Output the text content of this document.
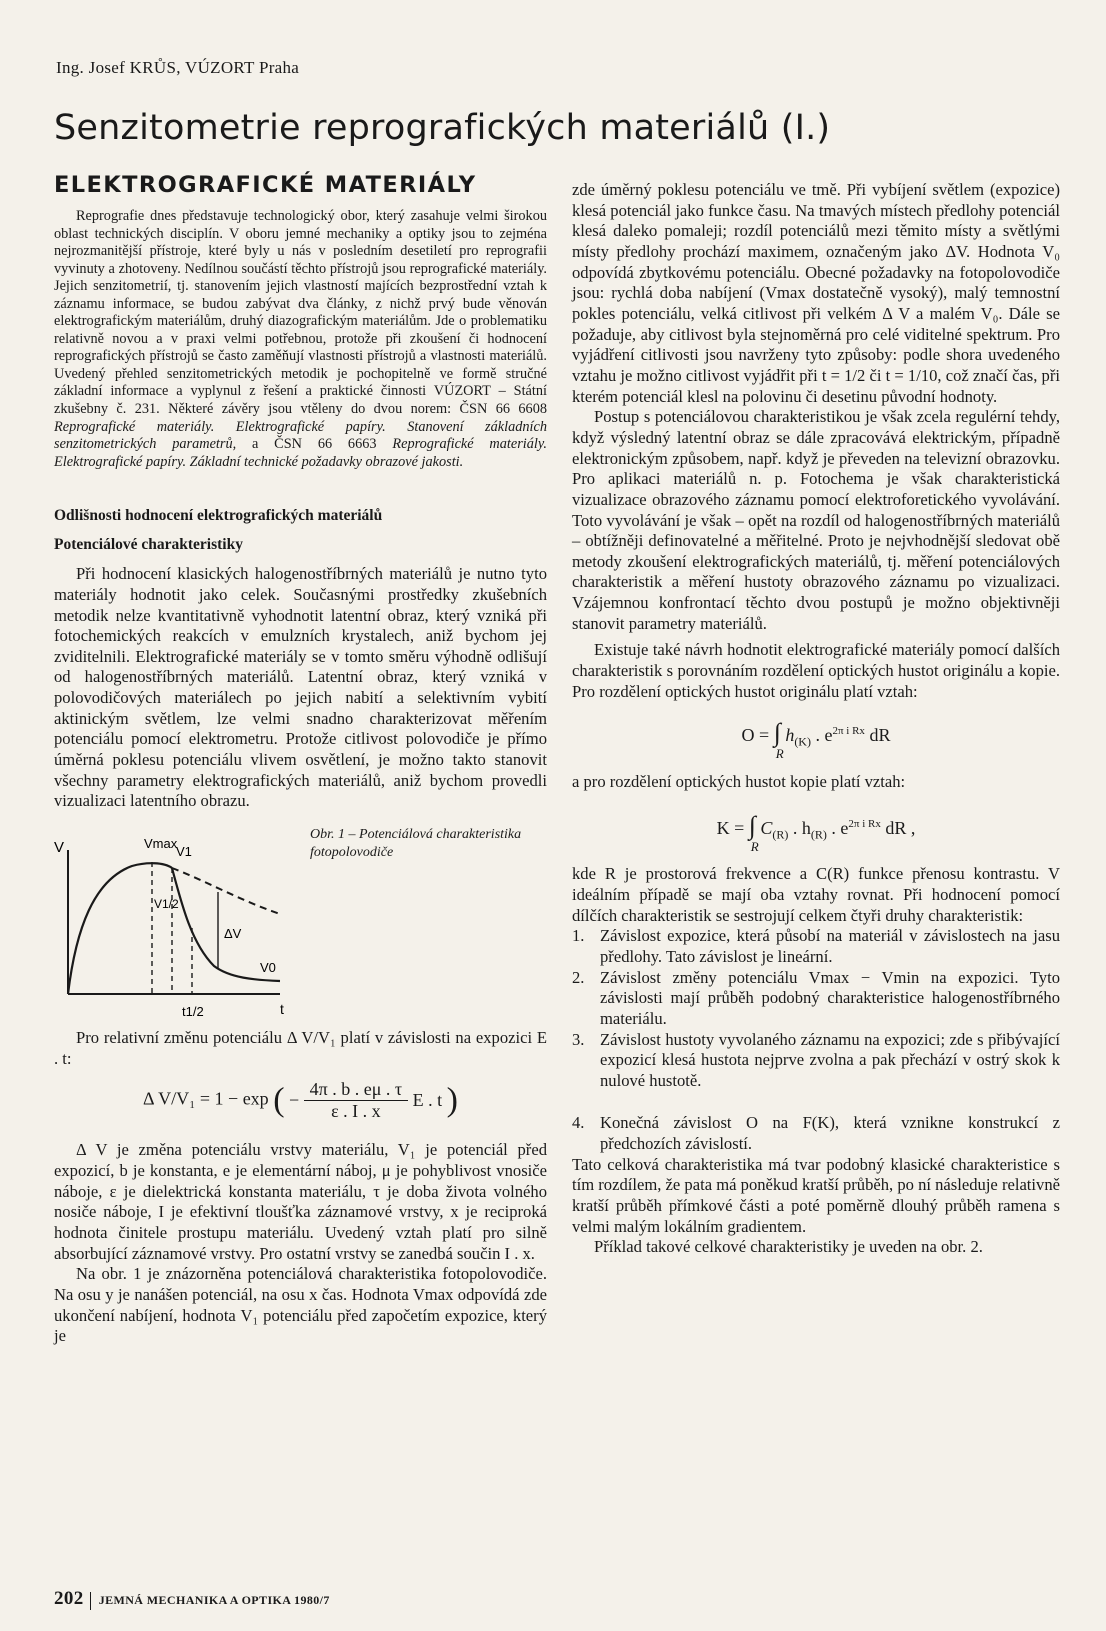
Ing. Josef KRŮS, VÚZORT Praha
Senzitometrie reprografických materiálů (I.)
ELEKTROGRAFICKÉ MATERIÁLY

Reprografie dnes představuje technologický obor, který zasahuje velmi širokou oblast technických disciplín. V oboru jemné mechaniky a optiky jsou to zejména nejrozmanitější přístroje, které byly u nás v posledním desetiletí pro reprografii vyvinuty a zhotoveny. Nedílnou součástí těchto přístrojů jsou reprografické materiály. Jejich senzitometrií, tj. stanovením jejich vlastností majících bezprostřední vztah k záznamu informace, se budou zabývat dva články, z nichž prvý bude věnován elektrografickým materiálům, druhý diazografickým materiálům. Jde o problematiku relativně novou a v praxi velmi potřebnou, protože při zkoušení či hodnocení reprografických přístrojů se často zaměňují vlastnosti přístrojů a vlastnosti materiálů. Uvedený přehled senzitometrických metodik je pochopitelně ve formě stručné základní informace a vyplynul z řešení a praktické činnosti VÚZORT – Státní zkušebny č. 231. Některé závěry jsou vtěleny do dvou norem: ČSN 66 6608 Reprografické materiály. Elektrografické papíry. Stanovení základních senzitometrických parametrů, a ČSN 66 6663 Reprografické materiály. Elektrografické papíry. Základní technické požadavky obrazové jakosti.

Odlišnosti hodnocení elektrografických materiálů

Potenciálové charakteristiky

Při hodnocení klasických halogenostříbrných materiálů je nutno tyto materiály hodnotit jako celek. Současnými prostředky zkušebních metodik nelze kvantitativně vyhodnotit latentní obraz, který vzniká při fotochemických reakcích v emulzních krystalech, aniž bychom jej zviditelnili. Elektrografické materiály se v tomto směru výhodně odlišují od halogenostříbrných materiálů. Latentní obraz, který vzniká v polovodičových materiálech po jejich nabití a selektivním vybití aktinickým světlem, lze velmi snadno charakterizovat měřením potenciálu pomocí elektrometru. Protože citlivost polovodiče je přímo úměrná poklesu potenciálu vlivem osvětlení, je možno takto stanovit všechny parametry elektrografických materiálů, aniž bychom provedli vizualizaci latentního obrazu.

V	Vmax
V1
V1/2
ΔV
V0
t1/2	t
Obr. 1 – Potenciálová charakteristika fotopolovodiče

Pro relativní změnu potenciálu Δ V/V₁ platí v závislosti na expozici E . t:

Δ V/V₁ = 1 − exp ( − $\frac{4\pi . b . e\mu . \tau}{\varepsilon . I . x}$ E . t )

Δ V je změna potenciálu vrstvy materiálu, V₁ je potenciál před expozicí, b je konstanta, e je elementární náboj, μ je pohyblivost vnosiče náboje, ε je dielektrická konstanta materiálu, τ je doba života volného nosiče náboje, I je efektivní tloušťka záznamové vrstvy, x je reciproká hodnota činitele prostupu materiálu. Uvedený vztah platí pro silně absorbující záznamové vrstvy. Pro ostatní vrstvy se zanedbá součin I . x.

Na obr. 1 je znázorněna potenciálová charakteristika fotopolovodiče. Na osu y je nanášen potenciál, na osu x čas. Hodnota Vmax odpovídá zde ukončení nabíjení, hodnota V₁ potenciálu před započetím expozice, který je

zde úměrný poklesu potenciálu ve tmě. Při vybíjení světlem (expozice) klesá potenciál jako funkce času. Na tmavých místech předlohy potenciál klesá daleko pomaleji; rozdíl potenciálů mezi těmito místy a světlými místy předlohy prochází maximem, označeným jako ΔV. Hodnota V₀ odpovídá zbytkovému potenciálu. Obecné požadavky na fotopolovodiče jsou: rychlá doba nabíjení (Vmax dostatečně vysoký), malý temnostní pokles potenciálu, velká citlivost při velkém Δ V a malém V₀. Dále se požaduje, aby citlivost byla stejnoměrná pro celé viditelné spektrum. Pro vyjádření citlivosti jsou navrženy tyto způsoby: podle shora uvedeného vztahu je možno citlivost vyjádřit při t = 1/2 či t = 1/10, což značí čas, při kterém potenciál klesl na polovinu či desetinu původní hodnoty.

Postup s potenciálovou charakteristikou je však zcela regulérní tehdy, když výsledný latentní obraz se dále zpracovává elektrickým, případně elektronickým způsobem, např. když je převeden na televizní obrazovku. Pro aplikaci materiálů n. p. Fotochema je však charakteristická vizualizace obrazového záznamu pomocí elektroforetického vyvolávání. Toto vyvolávání je však – opět na rozdíl od halogenostříbrných materiálů – obtížněji definovatelné a měřitelné. Proto je nejvhodnější sledovat obě metody zkoušení elektrografických materiálů, tj. měření potenciálových charakteristik a měření hustoty obrazového záznamu po vizualizaci. Vzájemnou konfrontací těchto dvou postupů je možno objektivněji stanovit parametry materiálů.

Existuje také návrh hodnotit elektrografické materiály pomocí dalších charakteristik s porovnáním rozdělení optických hustot originálu a kopie. Pro rozdělení optických hustot originálu platí vztah:

O = ∫
R
$h_{(K)}$ . $e^{2\pi i Rx}$ dR

a pro rozdělení optických hustot kopie platí vztah:

K = ∫
R
$C_{(R)}$ . $h_{(R)}$ . $e^{2\pi i Rx}$ dR ,

kde R je prostorová frekvence a C(R) funkce přenosu kontrastu. V ideálním případě se mají oba vztahy rovnat. Při hodnocení pomocí dílčích charakteristik se sestrojují celkem čtyři druhy charakteristik:

1. Závislost expozice, která působí na materiál v závislostech na jasu předlohy. Tato závislost je lineární.
2. Závislost změny potenciálu Vmax − Vmin na expozici. Tyto závislosti mají průběh podobný charakteristice halogenostříbrného materiálu.
3. Závislost hustoty vyvolaného záznamu na expozici; zde s přibývající expozicí klesá hustota nejprve zvolna a pak přechází v ostrý skok k nulové hustotě.
4. Konečná závislost O na F(K), která vznikne konstrukcí z předchozích závislostí.

Tato celková charakteristika má tvar podobný klasické charakteristice s tím rozdílem, že pata má poněkud kratší průběh, po ní následuje relativně kratší průběh přímkové části a poté poměrně dlouhý průběh ramena s velmi malým lokálním gradientem.

Příklad takové celkové charakteristiky je uveden na obr. 2.

202 JEMNÁ MECHANIKA A OPTIKA 1980/7
